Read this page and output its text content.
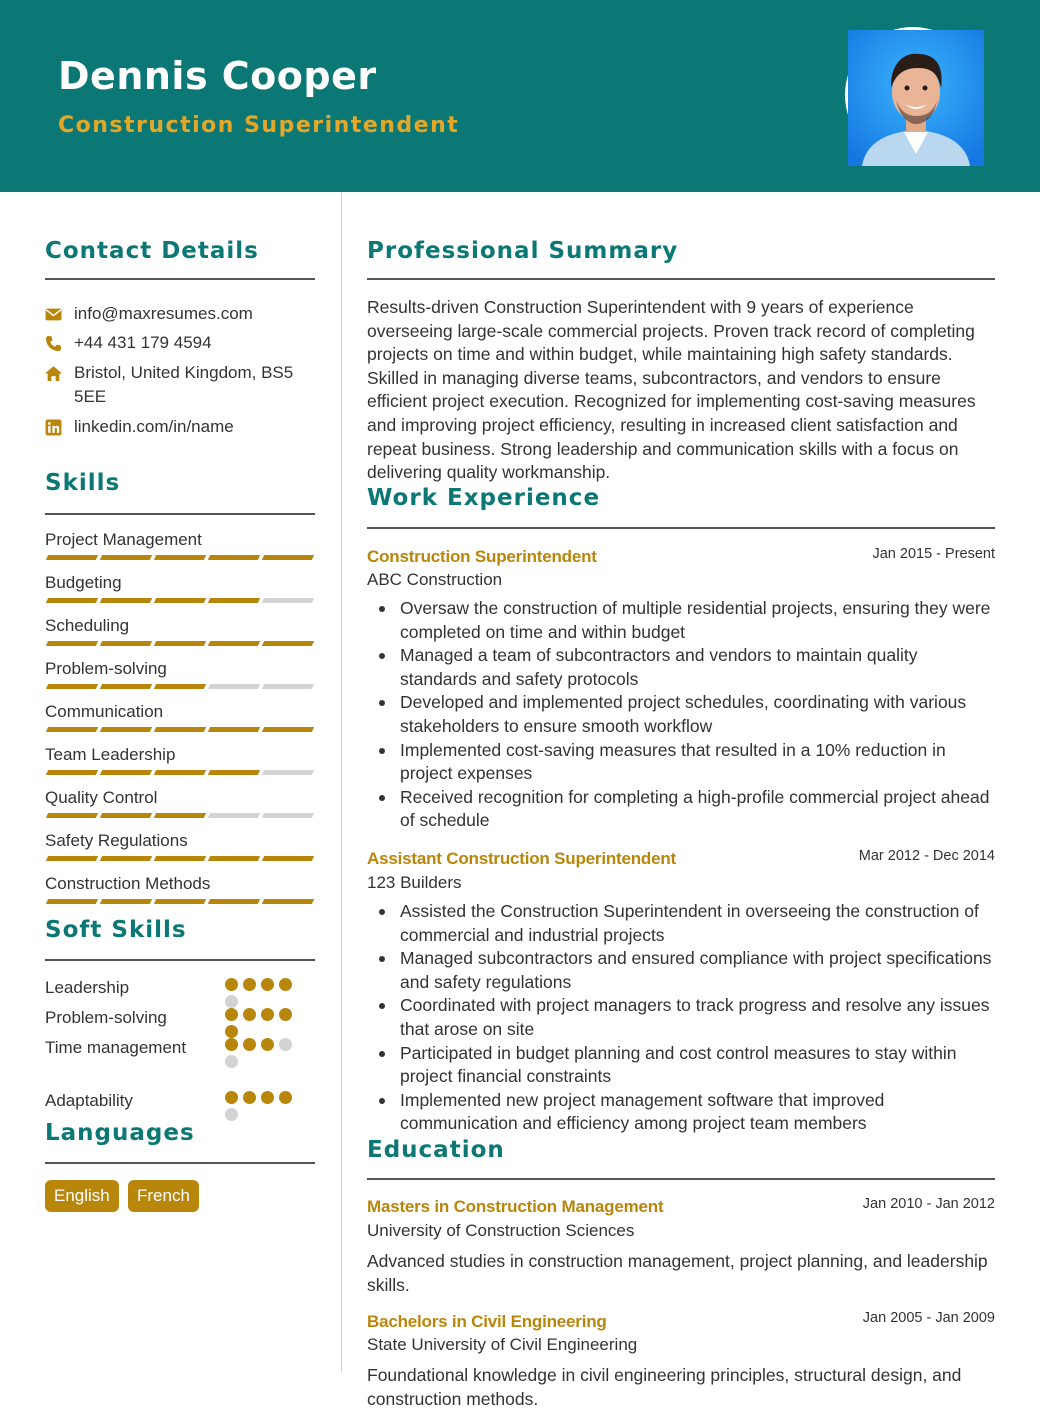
Dennis Cooper
Construction Superintendent
Contact Details
info@maxresumes.com
+44 431 179 4594
Bristol, United Kingdom, BS5 5EE
linkedin.com/in/name
Skills
Project Management
Budgeting
Scheduling
Problem-solving
Communication
Team Leadership
Quality Control
Safety Regulations
Construction Methods
Soft Skills
Leadership
Problem-solving
Time management
Adaptability
Languages
English	French
Professional Summary
Results-driven Construction Superintendent with 9 years of experience overseeing large-scale commercial projects. Proven track record of completing projects on time and within budget, while maintaining high safety standards. Skilled in managing diverse teams, subcontractors, and vendors to ensure efficient project execution. Recognized for implementing cost-saving measures and improving project efficiency, resulting in increased client satisfaction and repeat business. Strong leadership and communication skills with a focus on delivering quality workmanship.
Work Experience
Construction Superintendent	Jan 2015 - Present
ABC Construction
Oversaw the construction of multiple residential projects, ensuring they were completed on time and within budget
Managed a team of subcontractors and vendors to maintain quality standards and safety protocols
Developed and implemented project schedules, coordinating with various stakeholders to ensure smooth workflow
Implemented cost-saving measures that resulted in a 10% reduction in project expenses
Received recognition for completing a high-profile commercial project ahead of schedule
Assistant Construction Superintendent	Mar 2012 - Dec 2014
123 Builders
Assisted the Construction Superintendent in overseeing the construction of commercial and industrial projects
Managed subcontractors and ensured compliance with project specifications and safety regulations
Coordinated with project managers to track progress and resolve any issues that arose on site
Participated in budget planning and cost control measures to stay within project financial constraints
Implemented new project management software that improved communication and efficiency among project team members
Education
Masters in Construction Management	Jan 2010 - Jan 2012
University of Construction Sciences
Advanced studies in construction management, project planning, and leadership skills.
Bachelors in Civil Engineering	Jan 2005 - Jan 2009
State University of Civil Engineering
Foundational knowledge in civil engineering principles, structural design, and construction methods.
